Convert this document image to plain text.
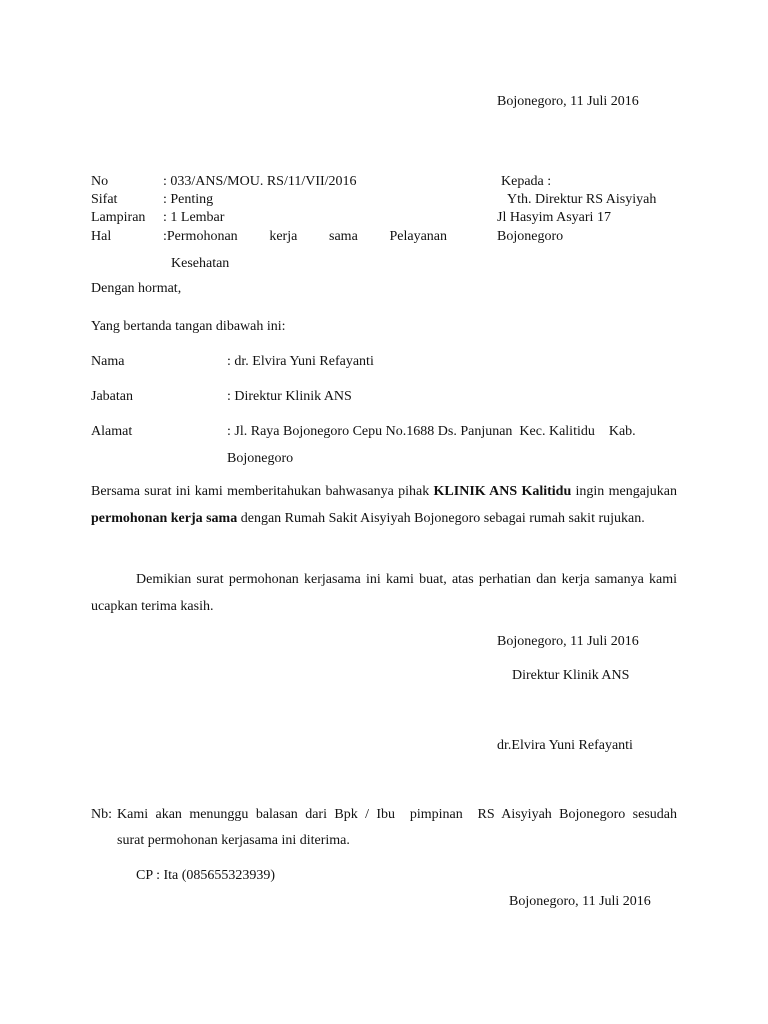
Bojonegoro, 11 Juli 2016
No	: 033/ANS/MOU. RS/11/VII/2016
Sifat	: Penting
Lampiran : 1 Lembar
Hal	:Permohonan kerja sama Pelayanan
Kesehatan
Kepada :
Yth. Direktur RS Aisyiyah
Jl Hasyim Asyari 17
Bojonegoro
Dengan hormat,
Yang bertanda tangan dibawah ini:
Nama	: dr. Elvira Yuni Refayanti
Jabatan	: Direktur Klinik ANS
Alamat	: Jl. Raya Bojonegoro Cepu No.1688 Ds. Panjunan  Kec. Kalitidu    Kab.
Bojonegoro
Bersama surat ini kami memberitahukan bahwasanya pihak KLINIK ANS Kalitidu ingin mengajukan permohonan kerja sama dengan Rumah Sakit Aisyiyah Bojonegoro sebagai rumah sakit rujukan.
Demikian surat permohonan kerjasama ini kami buat, atas perhatian dan kerja samanya kami ucapkan terima kasih.
Bojonegoro, 11 Juli 2016
Direktur Klinik ANS
dr.Elvira Yuni Refayanti
Nb: Kami akan menunggu balasan dari Bpk / Ibu  pimpinan  RS Aisyiyah Bojonegoro sesudah
surat permohonan kerjasama ini diterima.
CP : Ita (085655323939)
Bojonegoro, 11 Juli 2016
